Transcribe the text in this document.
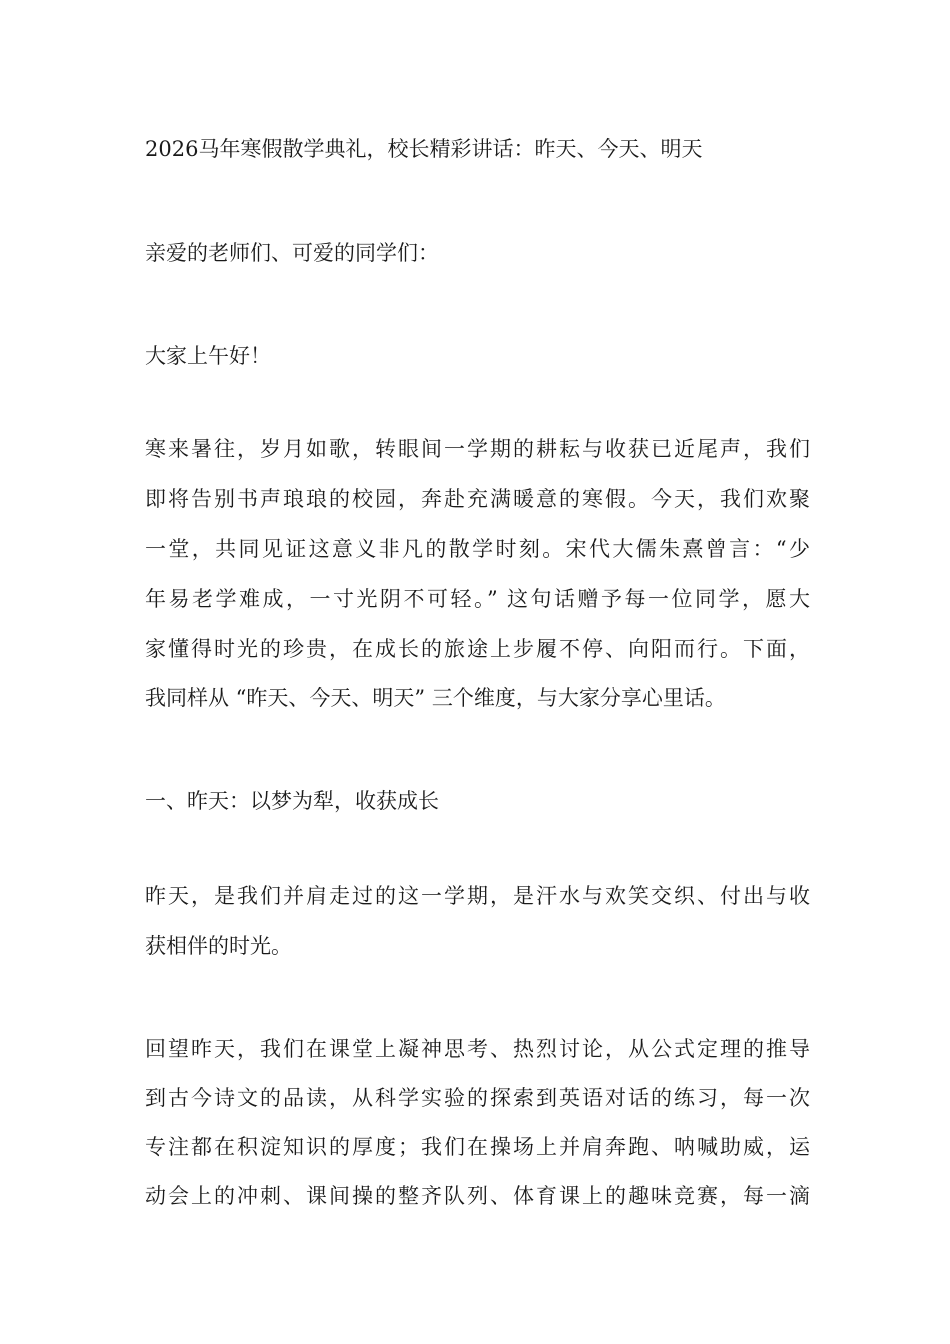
2026马年寒假散学典礼，校长精彩讲话：昨天、今天、明天
亲爱的老师们、可爱的同学们：
大家上午好！
寒来暑往，岁月如歌，转眼间一学期的耕耘与收获已近尾声，我们
即将告别书声琅琅的校园，奔赴充满暖意的寒假。今天，我们欢聚
一堂，共同见证这意义非凡的散学时刻。宋代大儒朱熹曾言：“少
年易老学难成，一寸光阴不可轻。” 这句话赠予每一位同学，愿大
家懂得时光的珍贵，在成长的旅途上步履不停、向阳而行。下面，
我同样从 “昨天、今天、明天” 三个维度，与大家分享心里话。
一、昨天：以梦为犁，收获成长
昨天，是我们并肩走过的这一学期，是汗水与欢笑交织、付出与收
获相伴的时光。
回望昨天，我们在课堂上凝神思考、热烈讨论，从公式定理的推导
到古今诗文的品读，从科学实验的探索到英语对话的练习，每一次
专注都在积淀知识的厚度；我们在操场上并肩奔跑、呐喊助威，运
动会上的冲刺、课间操的整齐队列、体育课上的趣味竞赛，每一滴
